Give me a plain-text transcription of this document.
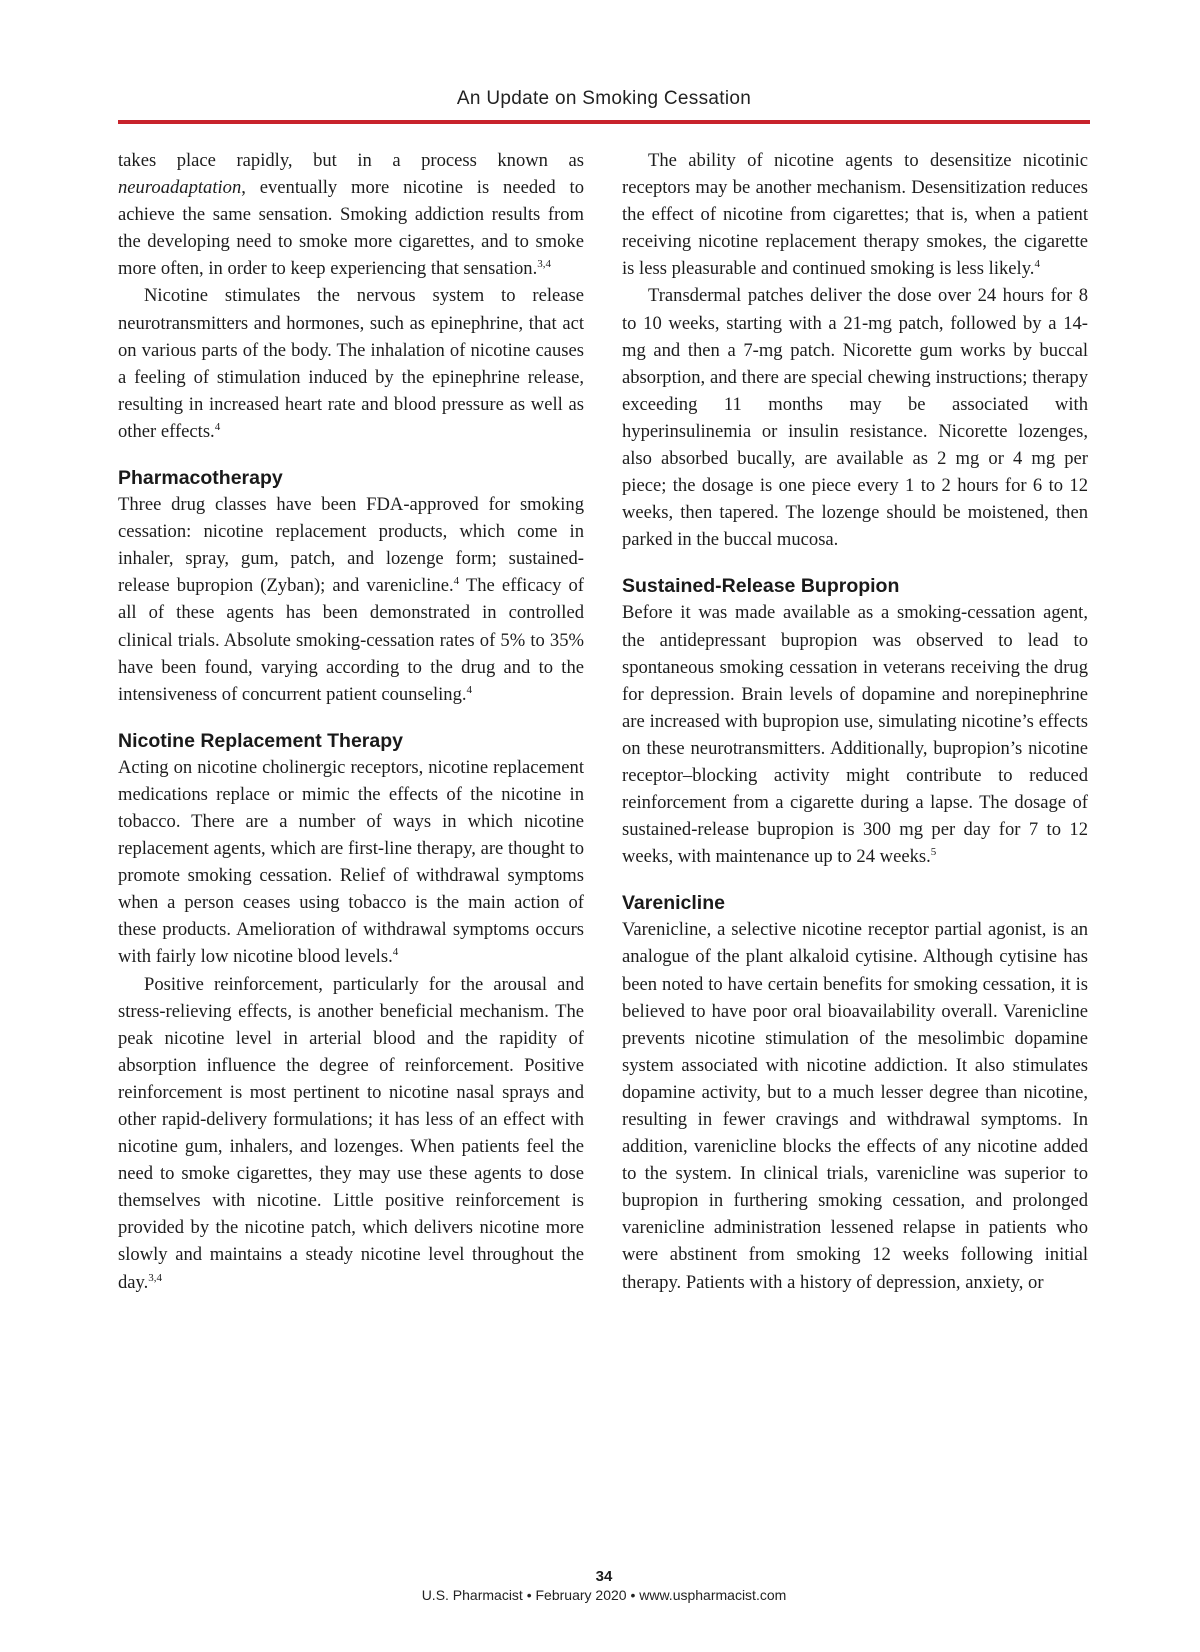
An Update on Smoking Cessation

takes place rapidly, but in a process known as neuroadaptation, eventually more nicotine is needed to achieve the same sensation. Smoking addiction results from the developing need to smoke more cigarettes, and to smoke more often, in order to keep experiencing that sensation.$^{3,4}$

Nicotine stimulates the nervous system to release neurotransmitters and hormones, such as epinephrine, that act on various parts of the body. The inhalation of nicotine causes a feeling of stimulation induced by the epinephrine release, resulting in increased heart rate and blood pressure as well as other effects.$^4$

Pharmacotherapy

Three drug classes have been FDA-approved for smoking cessation: nicotine replacement products, which come in inhaler, spray, gum, patch, and lozenge form; sustained-release bupropion (Zyban); and varenicline.$^4$ The efficacy of all of these agents has been demonstrated in controlled clinical trials. Absolute smoking-cessation rates of 5% to 35% have been found, varying according to the drug and to the intensiveness of concurrent patient counseling.$^4$

Nicotine Replacement Therapy

Acting on nicotine cholinergic receptors, nicotine replacement medications replace or mimic the effects of the nicotine in tobacco. There are a number of ways in which nicotine replacement agents, which are first-line therapy, are thought to promote smoking cessation. Relief of withdrawal symptoms when a person ceases using tobacco is the main action of these products. Amelioration of withdrawal symptoms occurs with fairly low nicotine blood levels.$^4$

Positive reinforcement, particularly for the arousal and stress-relieving effects, is another beneficial mechanism. The peak nicotine level in arterial blood and the rapidity of absorption influence the degree of reinforcement. Positive reinforcement is most pertinent to nicotine nasal sprays and other rapid-delivery formulations; it has less of an effect with nicotine gum, inhalers, and lozenges. When patients feel the need to smoke cigarettes, they may use these agents to dose themselves with nicotine. Little positive reinforcement is provided by the nicotine patch, which delivers nicotine more slowly and maintains a steady nicotine level throughout the day.$^{3,4}$

The ability of nicotine agents to desensitize nicotinic receptors may be another mechanism. Desensitization reduces the effect of nicotine from cigarettes; that is, when a patient receiving nicotine replacement therapy smokes, the cigarette is less pleasurable and continued smoking is less likely.$^4$

Transdermal patches deliver the dose over 24 hours for 8 to 10 weeks, starting with a 21-mg patch, followed by a 14-mg and then a 7-mg patch. Nicorette gum works by buccal absorption, and there are special chewing instructions; therapy exceeding 11 months may be associated with hyperinsulinemia or insulin resistance. Nicorette lozenges, also absorbed bucally, are available as 2 mg or 4 mg per piece; the dosage is one piece every 1 to 2 hours for 6 to 12 weeks, then tapered. The lozenge should be moistened, then parked in the buccal mucosa.

Sustained-Release Bupropion

Before it was made available as a smoking-cessation agent, the antidepressant bupropion was observed to lead to spontaneous smoking cessation in veterans receiving the drug for depression. Brain levels of dopamine and norepinephrine are increased with bupropion use, simulating nicotine’s effects on these neurotransmitters. Additionally, bupropion’s nicotine receptor–blocking activity might contribute to reduced reinforcement from a cigarette during a lapse. The dosage of sustained-release bupropion is 300 mg per day for 7 to 12 weeks, with maintenance up to 24 weeks.$^5$

Varenicline

Varenicline, a selective nicotine receptor partial agonist, is an analogue of the plant alkaloid cytisine. Although cytisine has been noted to have certain benefits for smoking cessation, it is believed to have poor oral bioavailability overall. Varenicline prevents nicotine stimulation of the mesolimbic dopamine system associated with nicotine addiction. It also stimulates dopamine activity, but to a much lesser degree than nicotine, resulting in fewer cravings and withdrawal symptoms. In addition, varenicline blocks the effects of any nicotine added to the system. In clinical trials, varenicline was superior to bupropion in furthering smoking cessation, and prolonged varenicline administration lessened relapse in patients who were abstinent from smoking 12 weeks following initial therapy. Patients with a history of depression, anxiety, or

34
U.S. Pharmacist • February 2020 • www.uspharmacist.com
